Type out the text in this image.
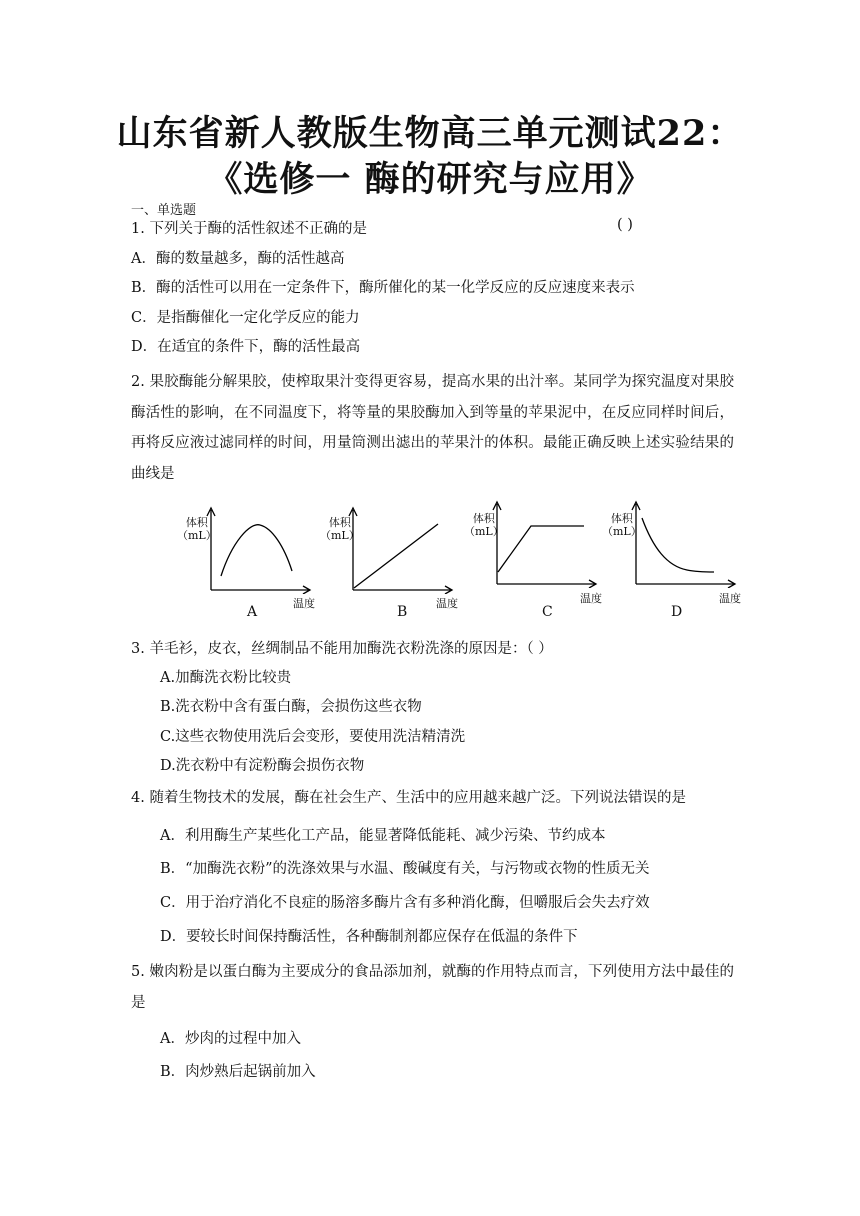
山东省新人教版生物高三单元测试22：
《选修一 酶的研究与应用》
一、单选题
1. 下列关于酶的活性叙述不正确的是	( )
A．酶的数量越多，酶的活性越高
B．酶的活性可以用在一定条件下，酶所催化的某一化学反应的反应速度来表示
C．是指酶催化一定化学反应的能力
D．在适宜的条件下，酶的活性最高
2. 果胶酶能分解果胶，使榨取果汁变得更容易，提高水果的出汁率。某同学为探究温度对果胶酶活性的影响，在不同温度下，将等量的果胶酶加入到等量的苹果泥中，在反应同样时间后，再将反应液过滤同样的时间，用量筒测出滤出的苹果汁的体积。最能正确反映上述实验结果的曲线是
体积
（mL）
温度
A
体积
（mL）
温度
B
体积
（mL）
温度
C
体积
（mL）
温度
D
3. 羊毛衫，皮衣，丝绸制品不能用加酶洗衣粉洗涤的原因是：（ ）
A.加酶洗衣粉比较贵
B.洗衣粉中含有蛋白酶，会损伤这些衣物
C.这些衣物使用洗后会变形，要使用洗洁精清洗
D.洗衣粉中有淀粉酶会损伤衣物
4. 随着生物技术的发展，酶在社会生产、生活中的应用越来越广泛。下列说法错误的是
A．利用酶生产某些化工产品，能显著降低能耗、减少污染、节约成本
B．“加酶洗衣粉”的洗涤效果与水温、酸碱度有关，与污物或衣物的性质无关
C．用于治疗消化不良症的肠溶多酶片含有多种消化酶，但嚼服后会失去疗效
D．要较长时间保持酶活性，各种酶制剂都应保存在低温的条件下
5. 嫩肉粉是以蛋白酶为主要成分的食品添加剂，就酶的作用特点而言，下列使用方法中最佳的是
A．炒肉的过程中加入
B．肉炒熟后起锅前加入
